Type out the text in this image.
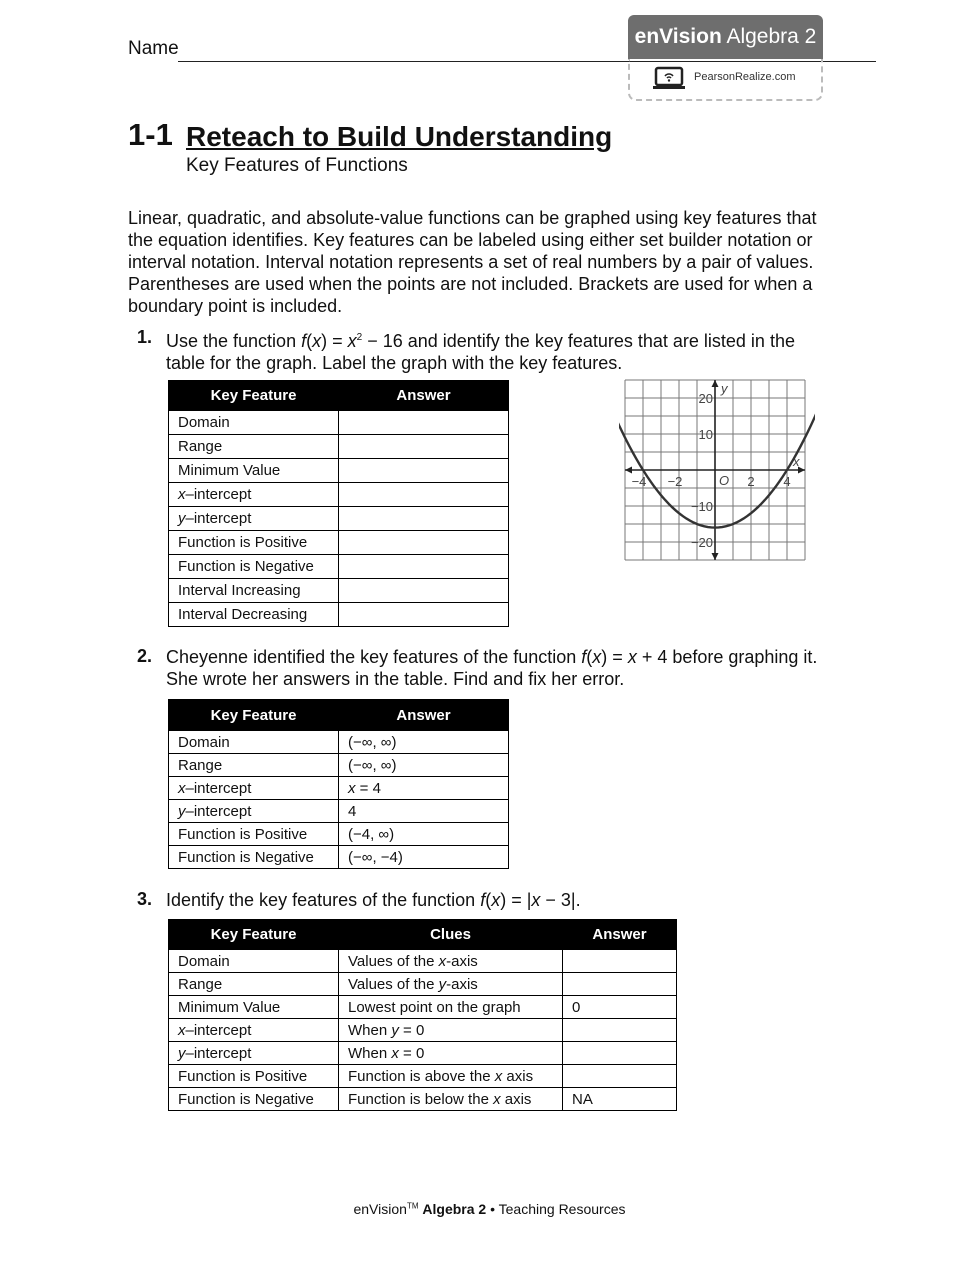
Name
enVision Algebra 2
PearsonRealize.com
1-1 Reteach to Build Understanding
Key Features of Functions
Linear, quadratic, and absolute-value functions can be graphed using key features that the equation identifies. Key features can be labeled using either set builder notation or interval notation. Interval notation represents a set of real numbers by a pair of values. Parentheses are used when the points are not included. Brackets are used for when a boundary point is included.
1. Use the function $f(x) = x^2 - 16$ and identify the key features that are listed in the table for the graph. Label the graph with the key features.
Key Feature	Answer
Domain	
Range	
Minimum Value	
x–intercept	
y–intercept	
Function is Positive	
Function is Negative	
Interval Increasing	
Interval Decreasing	
−4 −2	2 4
20
10
−10
−20
O
x
y
2. Cheyenne identified the key features of the function f(x) = x + 4 before graphing it. She wrote her answers in the table. Find and fix her error.
Key Feature	Answer
Domain	(−∞, ∞)
Range	(−∞, ∞)
x–intercept	x = 4
y–intercept	4
Function is Positive	(−4, ∞)
Function is Negative	(−∞, −4)
3. Identify the key features of the function f(x) = |x − 3|.
Key Feature	Clues	Answer
Domain	Values of the x-axis	
Range	Values of the y-axis	
Minimum Value	Lowest point on the graph	0
x–intercept	When y = 0	
y–intercept	When x = 0	
Function is Positive	Function is above the x axis	
Function is Negative	Function is below the x axis	NA
enVision™ Algebra 2 • Teaching Resources
